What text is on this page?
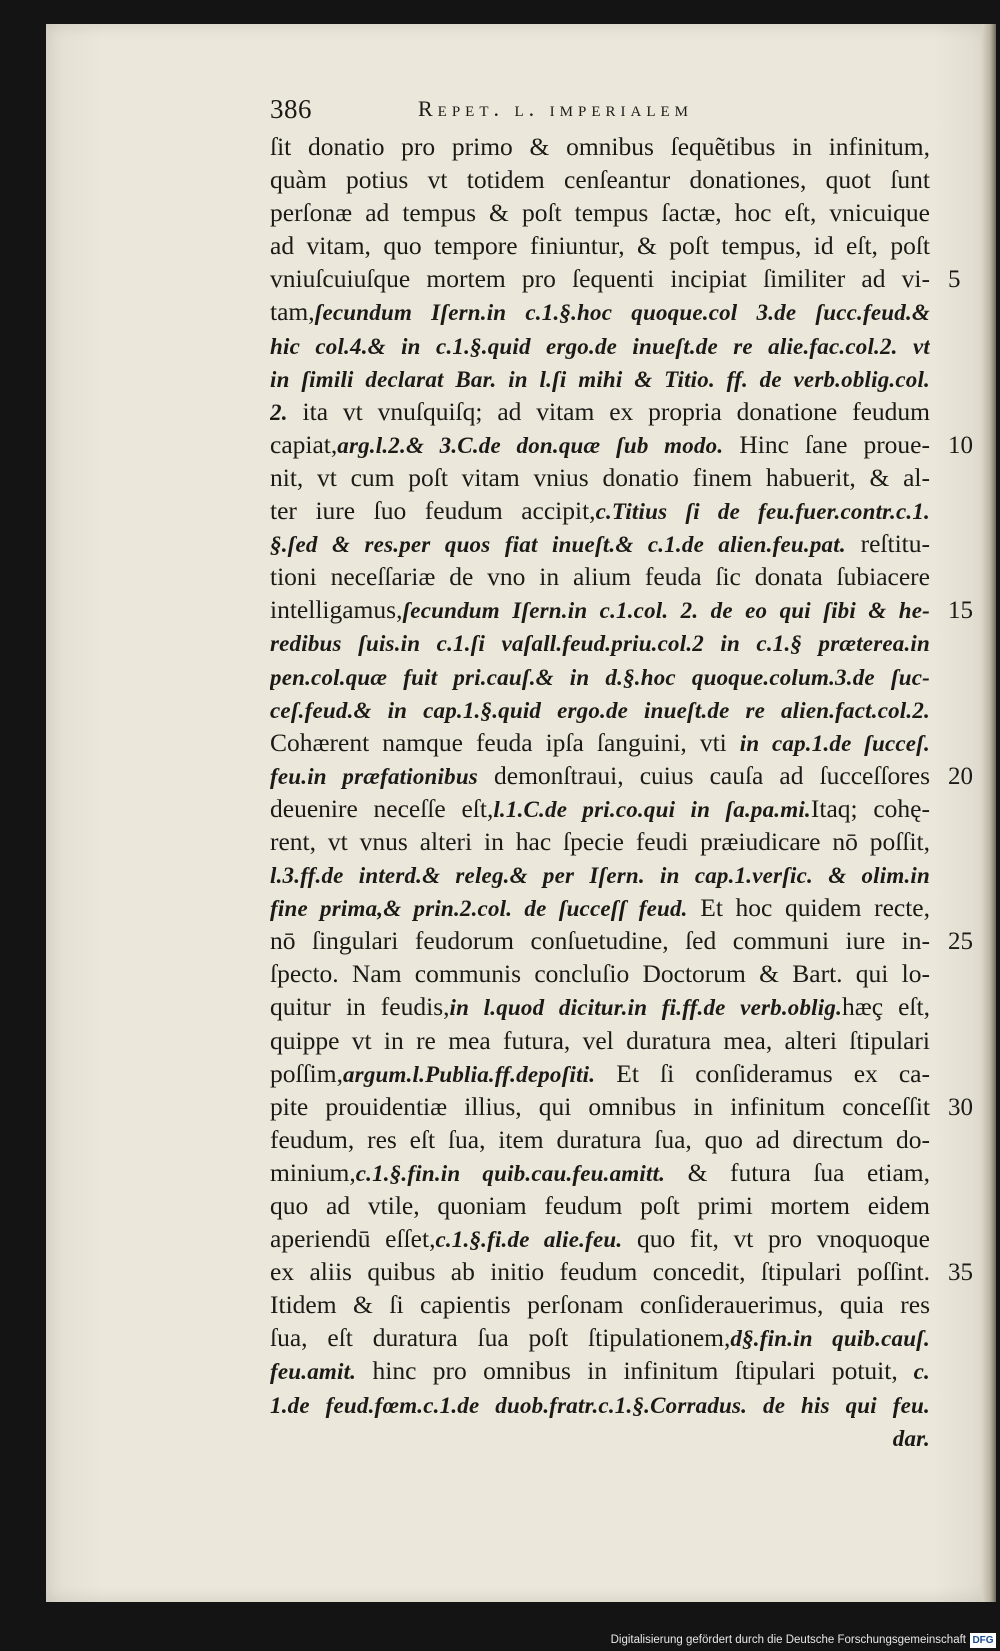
386	Repet. l. imperialem
ſit donatio pro primo & omnibus ſequẽtibus in infinitum,
quàm potius vt totidem cenſeantur donationes, quot ſunt
perſonæ ad tempus & poſt tempus ſactæ, hoc eſt, vnicuique
ad vitam, quo tempore finiuntur, & poſt tempus, id eſt, poſt
vniuſcuiuſque mortem pro ſequenti incipiat ſimiliter ad vi-
tam,ſecundum Iſern.in c.1.§.hoc quoque.col 3.de ſucc.feud.&
hic col.4.& in c.1.§.quid ergo.de inueſt.de re alie.fac.col.2. vt
in ſimili declarat Bar. in l.ſi mihi & Titio. ff. de verb.oblig.col.
2. ita vt vnuſquiſq; ad vitam ex propria donatione feudum
capiat,arg.l.2.& 3.C.de don.quæ ſub modo. Hinc ſane proue-
nit, vt cum poſt vitam vnius donatio finem habuerit, & al-
ter iure ſuo feudum accipit,c.Titius ſi de feu.fuer.contr.c.1.
§.ſed & res.per quos fiat inueſt.& c.1.de alien.feu.pat. reſtitu-
tioni neceſſariæ de vno in alium feuda ſic donata ſubiacere
intelligamus,ſecundum Iſern.in c.1.col. 2. de eo qui ſibi & he-
redibus ſuis.in c.1.ſi vaſall.feud.priu.col.2 in c.1.§ præterea.in
pen.col.quæ fuit pri.cauſ.& in d.§.hoc quoque.colum.3.de ſuc-
ceſ.feud.& in cap.1.§.quid ergo.de inueſt.de re alien.fact.col.2.
Cohærent namque feuda ipſa ſanguini, vti in cap.1.de ſucceſ.
feu.in præfationibus demonſtraui, cuius cauſa ad ſucceſſores
deuenire neceſſe eſt,l.1.C.de pri.co.qui in ſa.pa.mi.Itaq; cohę-
rent, vt vnus alteri in hac ſpecie feudi præiudicare nō poſſit,
l.3.ff.de interd.& releg.& per Iſern. in cap.1.verſic. & olim.in
fine prima,& prin.2.col. de ſucceſſ feud. Et hoc quidem recte,
nō ſingulari feudorum conſuetudine, ſed communi iure in-
ſpecto. Nam communis concluſio Doctorum & Bart. qui lo-
quitur in feudis,in l.quod dicitur.in fi.ff.de verb.oblig.hæç eſt,
quippe vt in re mea futura, vel duratura mea, alteri ſtipulari
poſſim,argum.l.Publia.ff.depoſiti. Et ſi conſideramus ex ca-
pite prouidentiæ illius, qui omnibus in infinitum conceſſit
feudum, res eſt ſua, item duratura ſua, quo ad directum do-
minium,c.1.§.fin.in quib.cau.feu.amitt. & futura ſua etiam,
quo ad vtile, quoniam feudum poſt primi mortem eidem
aperiendū eſſet,c.1.§.fi.de alie.feu. quo fit, vt pro vnoquoque
ex aliis quibus ab initio feudum concedit, ſtipulari poſſint.
Itidem & ſi capientis perſonam conſiderauerimus, quia res
ſua, eſt duratura ſua poſt ſtipulationem,d§.fin.in quib.cauſ.
feu.amit. hinc pro omnibus in infinitum ſtipulari potuit, c.
1.de feud.fœm.c.1.de duob.fratr.c.1.§.Corradus. de his qui feu.
dar.
5
10
15
20
25
30
35
Digitalisierung gefördert durch die Deutsche Forschungsgemeinschaft DFG
